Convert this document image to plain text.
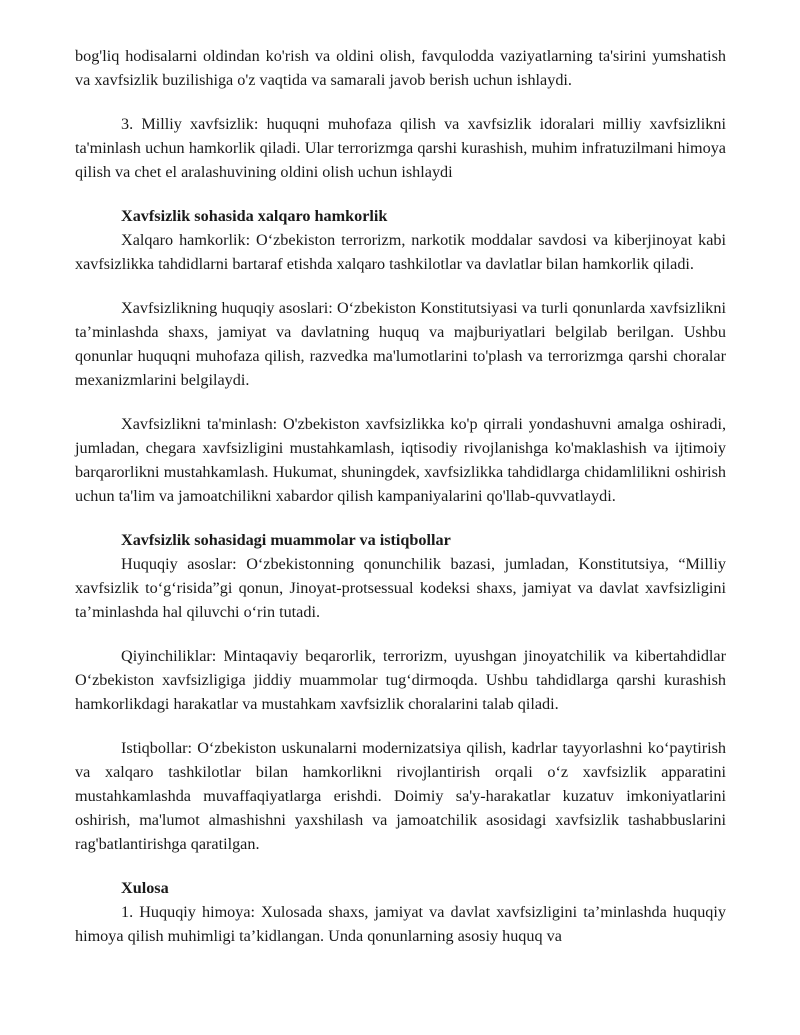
bog'liq hodisalarni oldindan ko'rish va oldini olish, favqulodda vaziyatlarning ta'sirini yumshatish va xavfsizlik buzilishiga o'z vaqtida va samarali javob berish uchun ishlaydi.

3. Milliy xavfsizlik: huquqni muhofaza qilish va xavfsizlik idoralari milliy xavfsizlikni ta'minlash uchun hamkorlik qiladi. Ular terrorizmga qarshi kurashish, muhim infratuzilmani himoya qilish va chet el aralashuvining oldini olish uchun ishlaydi

Xavfsizlik sohasida xalqaro hamkorlik

Xalqaro hamkorlik: O‘zbekiston terrorizm, narkotik moddalar savdosi va kiberjinoyat kabi xavfsizlikka tahdidlarni bartaraf etishda xalqaro tashkilotlar va davlatlar bilan hamkorlik qiladi.

Xavfsizlikning huquqiy asoslari: O‘zbekiston Konstitutsiyasi va turli qonunlarda xavfsizlikni ta’minlashda shaxs, jamiyat va davlatning huquq va majburiyatlari belgilab berilgan. Ushbu qonunlar huquqni muhofaza qilish, razvedka ma'lumotlarini to'plash va terrorizmga qarshi choralar mexanizmlarini belgilaydi.

Xavfsizlikni ta'minlash: O'zbekiston xavfsizlikka ko'p qirrali yondashuvni amalga oshiradi, jumladan, chegara xavfsizligini mustahkamlash, iqtisodiy rivojlanishga ko'maklashish va ijtimoiy barqarorlikni mustahkamlash. Hukumat, shuningdek, xavfsizlikka tahdidlarga chidamlilikni oshirish uchun ta'lim va jamoatchilikni xabardor qilish kampaniyalarini qo'llab-quvvatlaydi.

Xavfsizlik sohasidagi muammolar va istiqbollar

Huquqiy asoslar: O‘zbekistonning qonunchilik bazasi, jumladan, Konstitutsiya, “Milliy xavfsizlik to‘g‘risida”gi qonun, Jinoyat-protsessual kodeksi shaxs, jamiyat va davlat xavfsizligini ta’minlashda hal qiluvchi o‘rin tutadi.

Qiyinchiliklar: Mintaqaviy beqarorlik, terrorizm, uyushgan jinoyatchilik va kibertahdidlar O‘zbekiston xavfsizligiga jiddiy muammolar tug‘dirmoqda. Ushbu tahdidlarga qarshi kurashish hamkorlikdagi harakatlar va mustahkam xavfsizlik choralarini talab qiladi.

Istiqbollar: O‘zbekiston uskunalarni modernizatsiya qilish, kadrlar tayyorlashni ko‘paytirish va xalqaro tashkilotlar bilan hamkorlikni rivojlantirish orqali o‘z xavfsizlik apparatini mustahkamlashda muvaffaqiyatlarga erishdi. Doimiy sa'y-harakatlar kuzatuv imkoniyatlarini oshirish, ma'lumot almashishni yaxshilash va jamoatchilik asosidagi xavfsizlik tashabbuslarini rag'batlantirishga qaratilgan.

Xulosa

1. Huquqiy himoya: Xulosada shaxs, jamiyat va davlat xavfsizligini ta’minlashda huquqiy himoya qilish muhimligi ta’kidlangan. Unda qonunlarning asosiy huquq va
